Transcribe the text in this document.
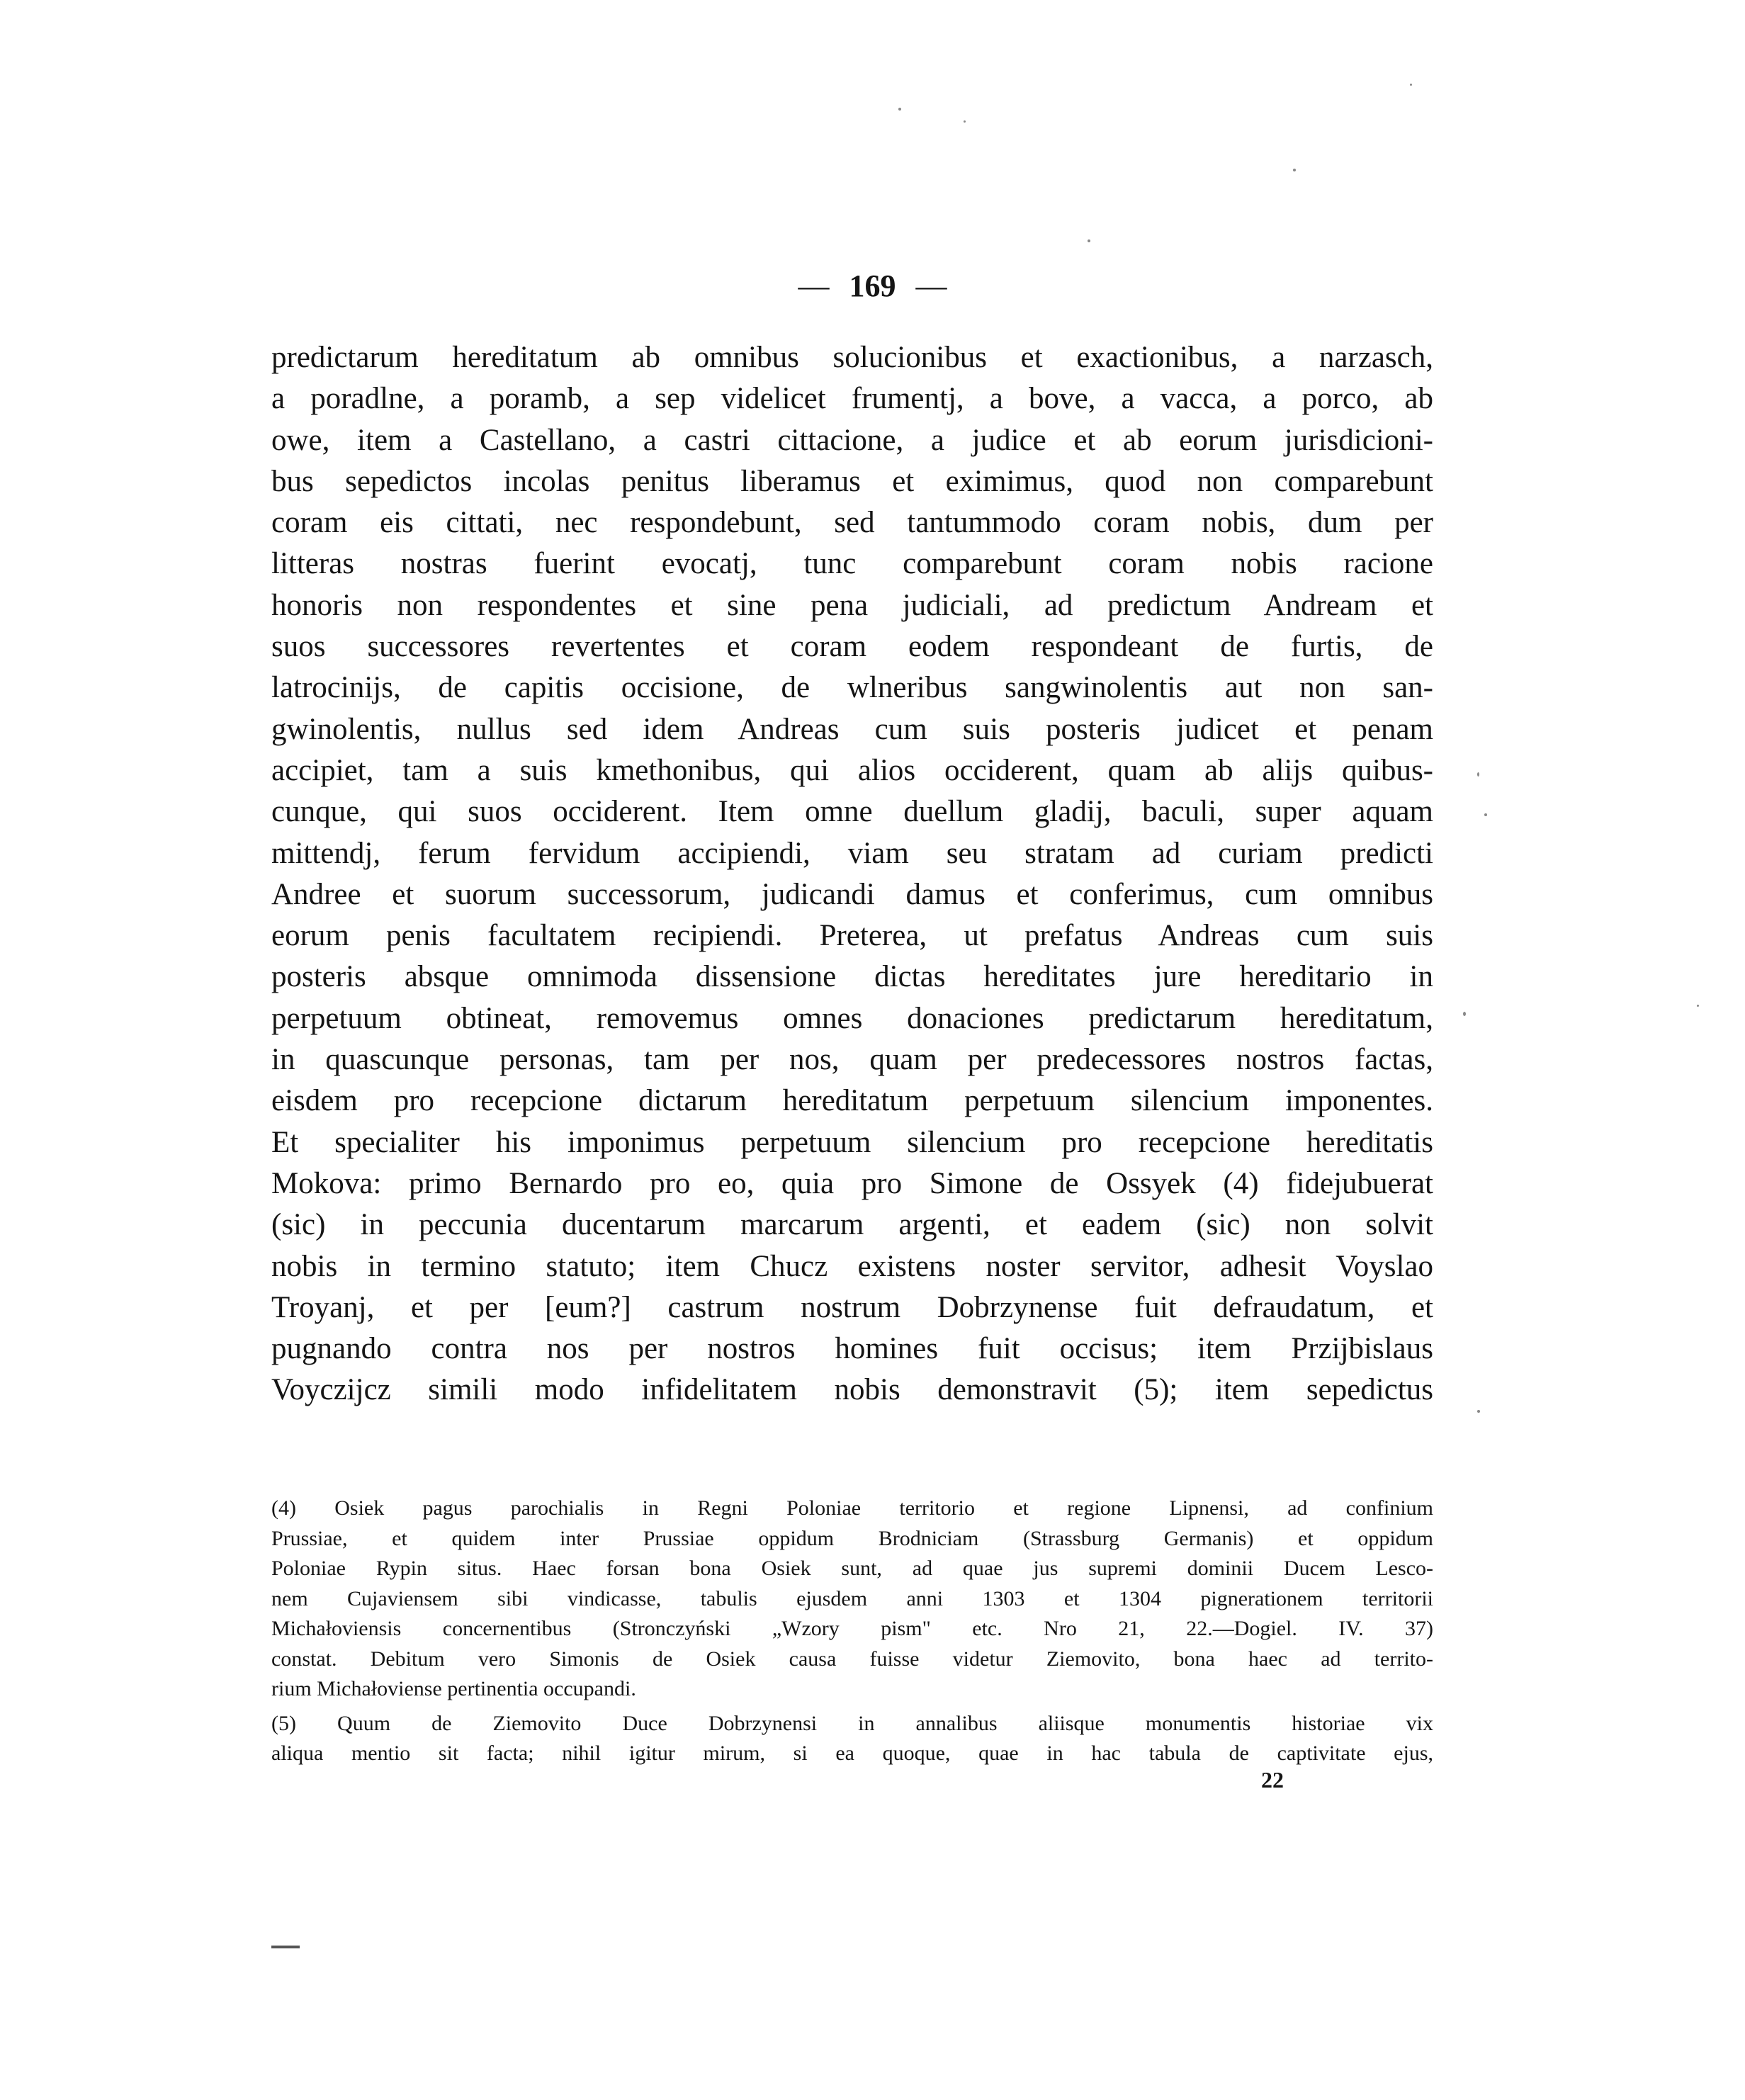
— 169 —
predictarum hereditatum ab omnibus solucionibus et exactionibus, a narzasch,
a poradlne, a poramb, a sep videlicet frumentj, a bove, a vacca, a porco, ab
owe, item a Castellano, a castri cittacione, a judice et ab eorum jurisdicioni-
bus sepedictos incolas penitus liberamus et eximimus, quod non comparebunt
coram eis cittati, nec respondebunt, sed tantummodo coram nobis, dum per
litteras nostras fuerint evocatj, tunc comparebunt coram nobis racione
honoris non respondentes et sine pena judiciali, ad predictum Andream et
suos successores revertentes et coram eodem respondeant de furtis, de
latrocinijs, de capitis occisione, de wlneribus sangwinolentis aut non san-
gwinolentis, nullus sed idem Andreas cum suis posteris judicet et penam
accipiet, tam a suis kmethonibus, qui alios occiderent, quam ab alijs quibus-
cunque, qui suos occiderent. Item omne duellum gladij, baculi, super aquam
mittendj, ferum fervidum accipiendi, viam seu stratam ad curiam predicti
Andree et suorum successorum, judicandi damus et conferimus, cum omnibus
eorum penis facultatem recipiendi. Preterea, ut prefatus Andreas cum suis
posteris absque omnimoda dissensione dictas hereditates jure hereditario in
perpetuum obtineat, removemus omnes donaciones predictarum hereditatum,
in quascunque personas, tam per nos, quam per predecessores nostros factas,
eisdem pro recepcione dictarum hereditatum perpetuum silencium imponentes.
Et specialiter his imponimus perpetuum silencium pro recepcione hereditatis
Mokova: primo Bernardo pro eo, quia pro Simone de Ossyek (4) fidejubuerat
(sic) in peccunia ducentarum marcarum argenti, et eadem (sic) non solvit
nobis in termino statuto; item Chucz existens noster servitor, adhesit Voyslao
Troyanj, et per [eum?] castrum nostrum Dobrzynense fuit defraudatum, et
pugnando contra nos per nostros homines fuit occisus; item Przijbislaus
Voyczijcz simili modo infidelitatem nobis demonstravit (5); item sepedictus
(4) Osiek pagus parochialis in Regni Poloniae territorio et regione Lipnensi, ad confinium
Prussiae, et quidem inter Prussiae oppidum Brodniciam (Strassburg Germanis) et oppidum
Poloniae Rypin situs. Haec forsan bona Osiek sunt, ad quae jus supremi dominii Ducem Lesco-
nem Cujaviensem sibi vindicasse, tabulis ejusdem anni 1303 et 1304 pignerationem territorii
Michałoviensis concernentibus (Stronczyński „Wzory pism" etc. Nro 21, 22.—Dogiel. IV. 37)
constat. Debitum vero Simonis de Osiek causa fuisse videtur Ziemovito, bona haec ad territo-
rium Michałoviense pertinentia occupandi.
(5) Quum de Ziemovito Duce Dobrzynensi in annalibus aliisque monumentis historiae vix
aliqua mentio sit facta; nihil igitur mirum, si ea quoque, quae in hac tabula de captivitate ejus,
22
